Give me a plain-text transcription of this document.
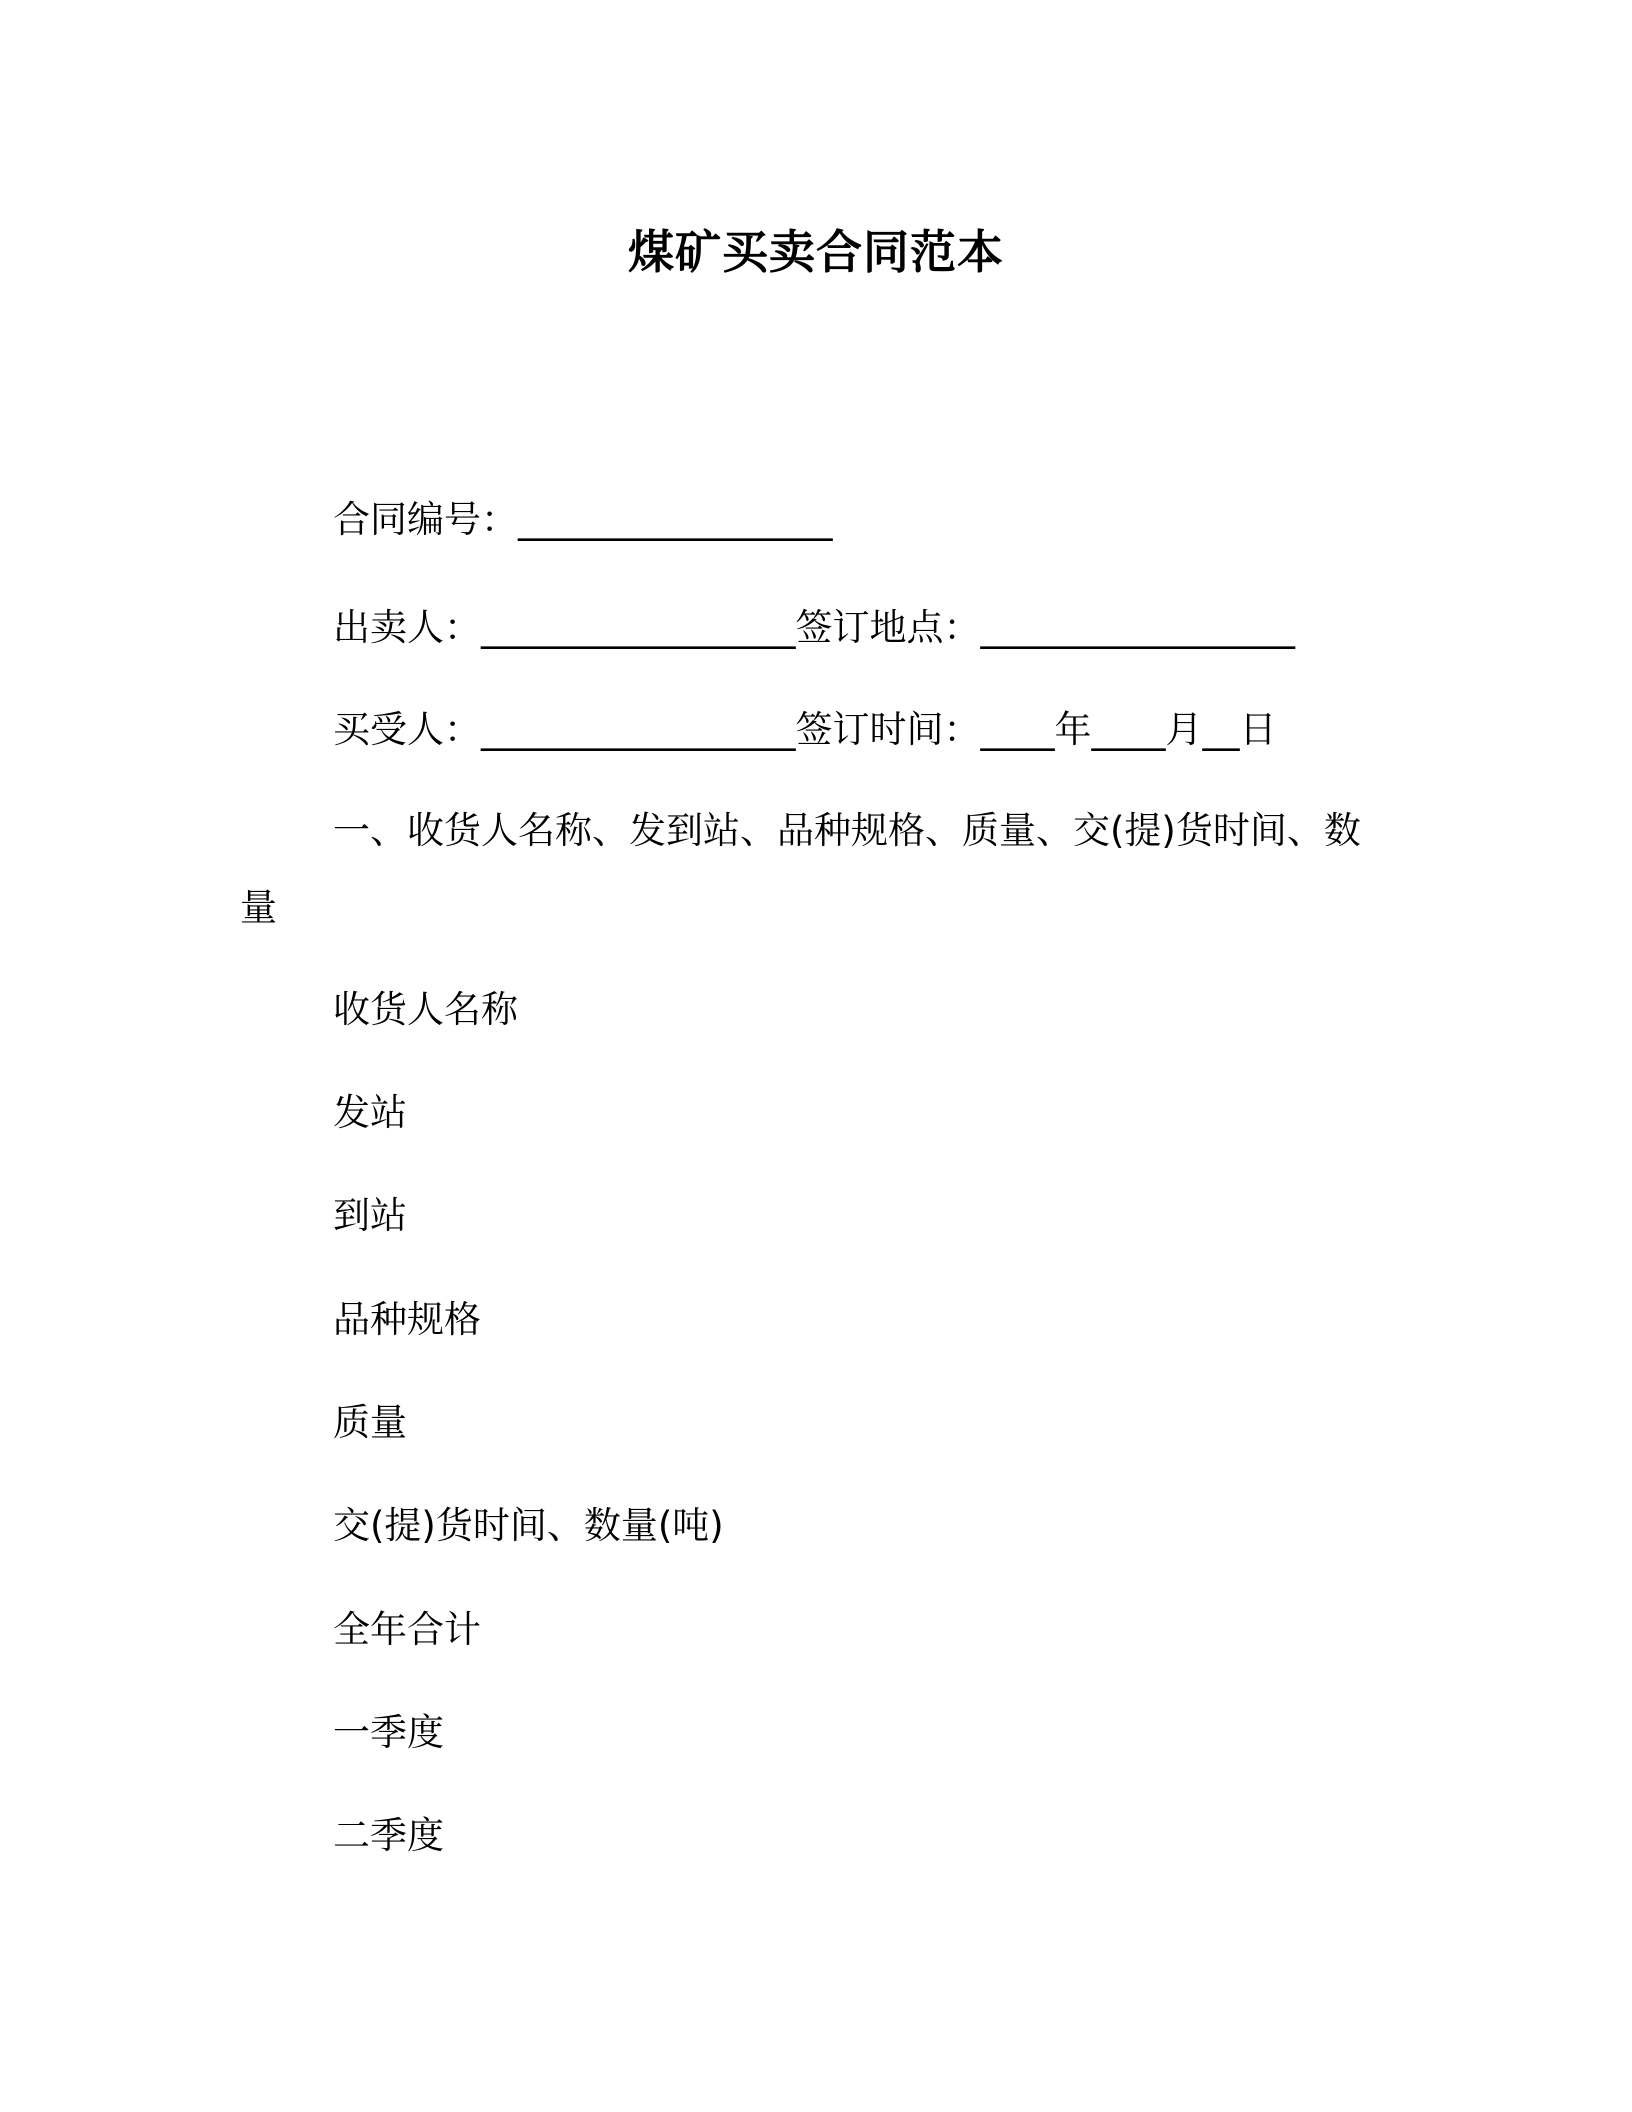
煤矿买卖合同范本
合同编号：_________________
出卖人：_________________签订地点：_________________
买受人：_________________签订时间：____年____月__日
一、收货人名称、发到站、品种规格、质量、交(提)货时间、数
量
收货人名称
发站
到站
品种规格
质量
交(提)货时间、数量(吨)
全年合计
一季度
二季度
